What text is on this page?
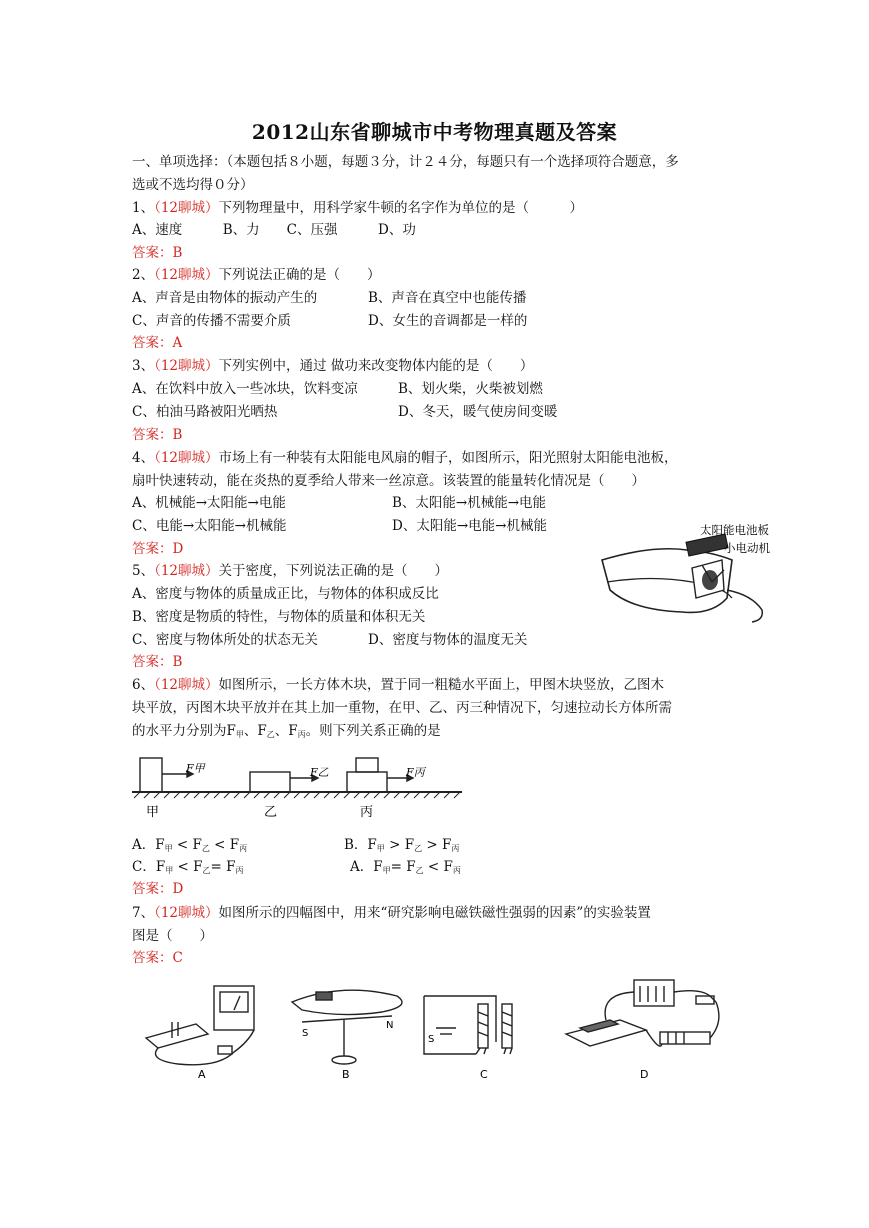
2012山东省聊城市中考物理真题及答案
一、单项选择：（本题包括８小题，每题３分，计２４分，每题只有一个选择项符合题意，多
选或不选均得０分）
1、（12聊城）下列物理量中，用科学家牛顿的名字作为单位的是（　　　）
A、速度　　　B、力　　C、压强　　　D、功
答案：B
2、（12聊城）下列说法正确的是（　　）
A、声音是由物体的振动产生的	B、声音在真空中也能传播
C、声音的传播不需要介质	D、女生的音调都是一样的
答案：A
3、（12聊城）下列实例中，通过 做功来改变物体内能的是（　　）
A、在饮料中放入一些冰块，饮料变凉	B、划火柴，火柴被划燃
C、柏油马路被阳光晒热	D、冬天，暖气使房间变暖
答案：B
4、（12聊城）市场上有一种装有太阳能电风扇的帽子，如图所示，阳光照射太阳能电池板，
扇叶快速转动，能在炎热的夏季给人带来一丝凉意。该装置的能量转化情况是（　　）
A、机械能→太阳能→电能	B、太阳能→机械能→电能
C、电能→太阳能→机械能	D、太阳能→电能→机械能
答案：D
太阳能电池板
小电动机
5、（12聊城）关于密度，下列说法正确的是（　　）
A、密度与物体的质量成正比，与物体的体积成反比
B、密度是物质的特性，与物体的质量和体积无关
C、密度与物体所处的状态无关	D、密度与物体的温度无关
答案：B
6、（12聊城）如图所示，一长方体木块，置于同一粗糙水平面上，甲图木块竖放，乙图木
块平放，丙图木块平放并在其上加一重物，在甲、乙、丙三种情况下，匀速拉动长方体所需
的水平力分别为$F_甲$、$F_乙$、$F_丙$。则下列关系正确的是
F甲	F乙	F丙
甲	乙	丙
A．$F_甲 < F_乙 < F_丙$	B．$F_甲 > F_乙 > F_丙$
C．$F_甲 < F_乙= F_丙$	A．$F_甲= F_乙 < F_丙$
答案：D
7、（12聊城）如图所示的四幅图中，用来“研究影响电磁铁磁性强弱的因素”的实验装置
图是（　　）
答案：C
A
S
N
B
S
C	D
